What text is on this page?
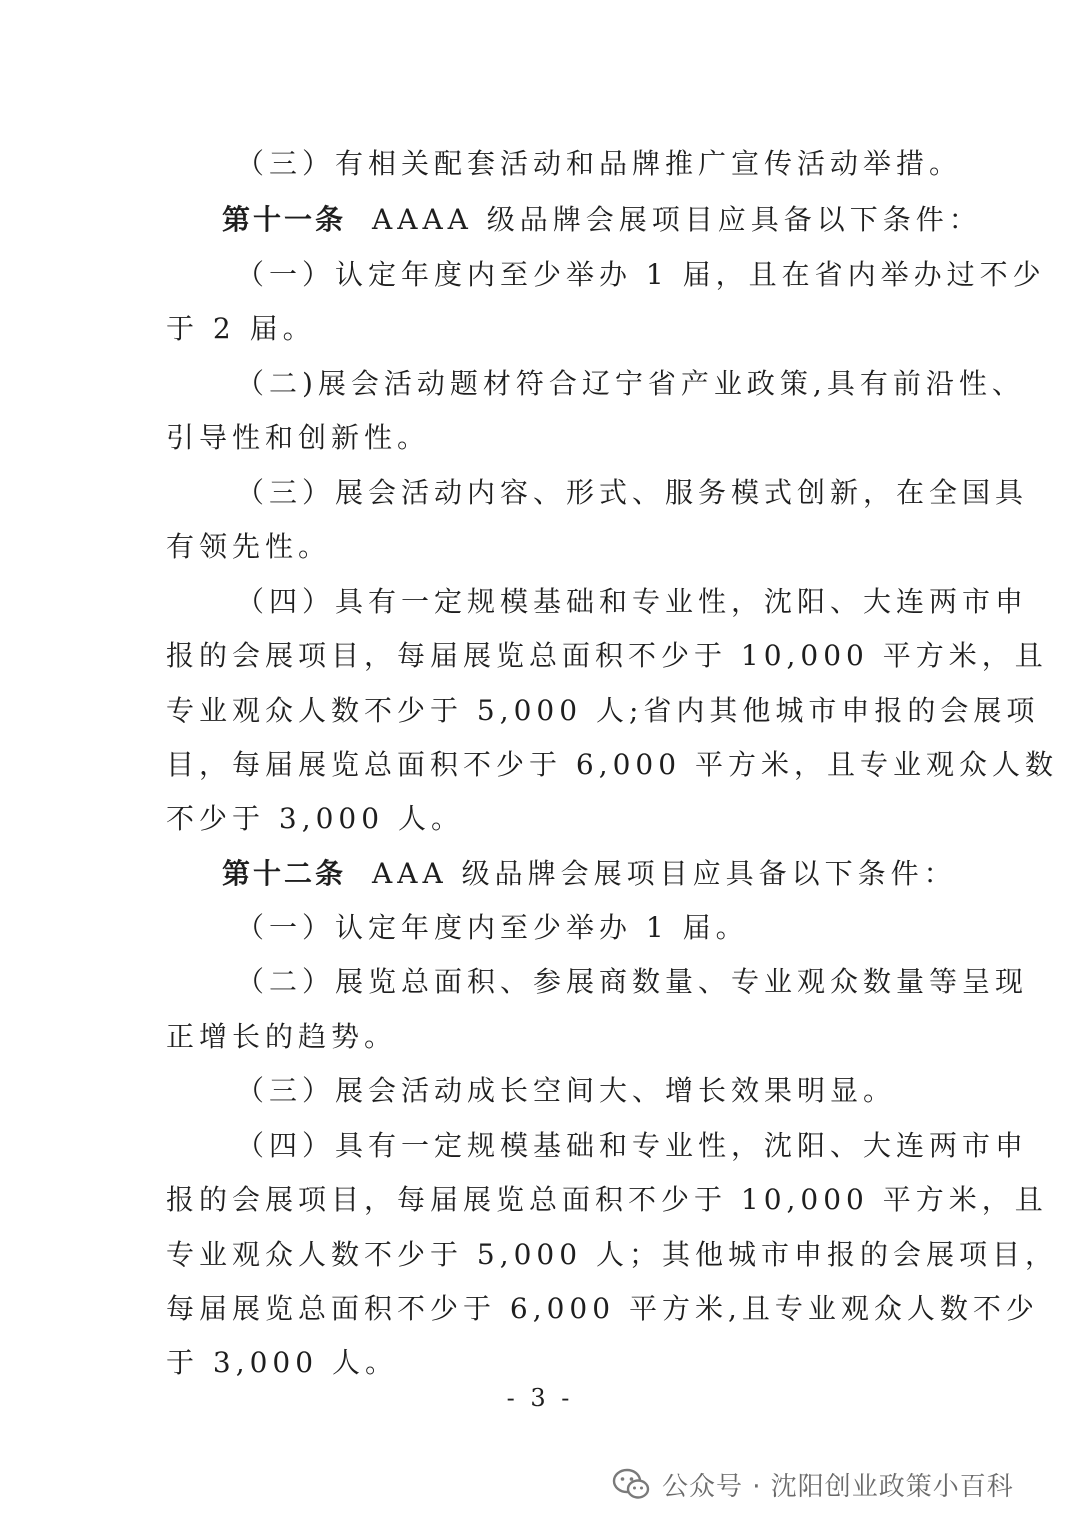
（三）有相关配套活动和品牌推广宣传活动举措。
第十一条 AAAA 级品牌会展项目应具备以下条件：
（一）认定年度内至少举办 1 届，且在省内举办过不少
于 2 届。
（二)展会活动题材符合辽宁省产业政策,具有前沿性、
引导性和创新性。
（三）展会活动内容、形式、服务模式创新，在全国具
有领先性。
（四）具有一定规模基础和专业性，沈阳、大连两市申
报的会展项目，每届展览总面积不少于 10,000 平方米，且
专业观众人数不少于 5,000 人;省内其他城市申报的会展项
目，每届展览总面积不少于 6,000 平方米，且专业观众人数
不少于 3,000 人。
第十二条 AAA 级品牌会展项目应具备以下条件：
（一）认定年度内至少举办 1 届。
（二）展览总面积、参展商数量、专业观众数量等呈现
正增长的趋势。
（三）展会活动成长空间大、增长效果明显。
（四）具有一定规模基础和专业性，沈阳、大连两市申
报的会展项目，每届展览总面积不少于 10,000 平方米，且
专业观众人数不少于 5,000 人；其他城市申报的会展项目，
每届展览总面积不少于 6,000 平方米,且专业观众人数不少
于 3,000 人。
- 3 -
公众号 · 沈阳创业政策小百科
